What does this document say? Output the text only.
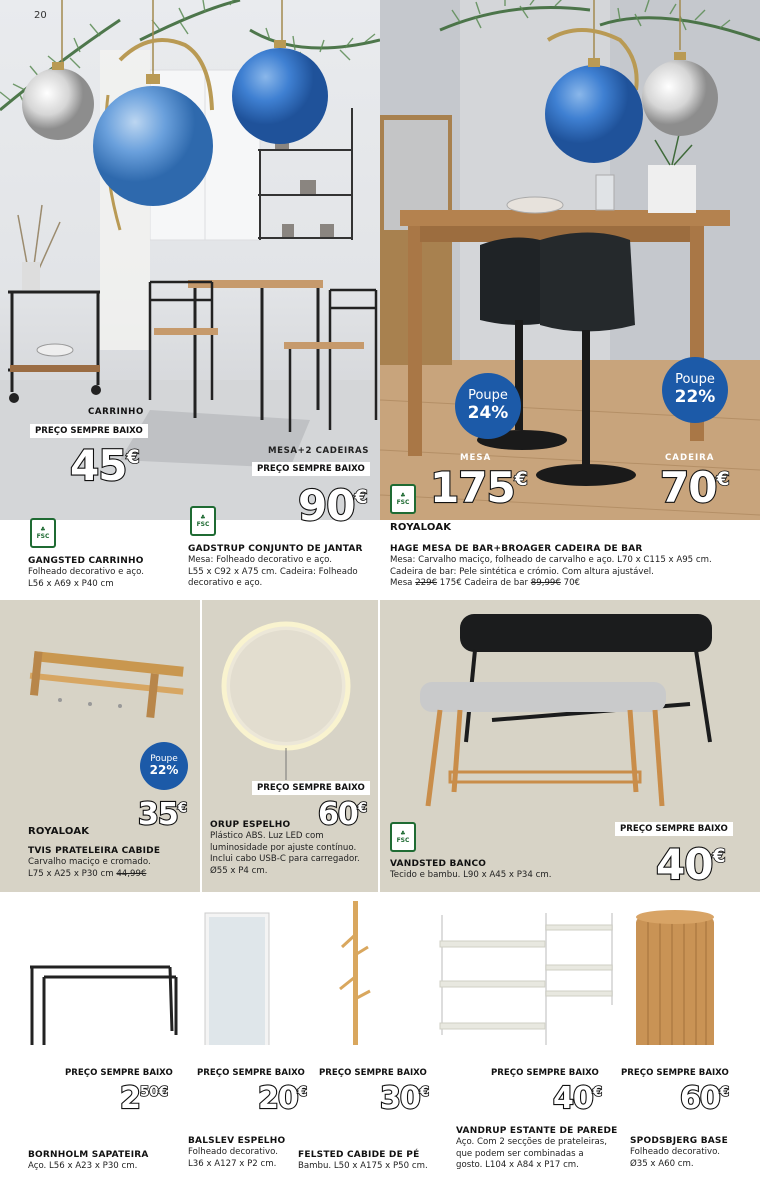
20
CARRINHO
PREÇO SEMPRE BAIXO
45€	MESA+2 CADEIRAS
PREÇO SEMPRE BAIXO
90€
♣
FSC
GANGSTED CARRINHO
Folheado decorativo e aço.
L56 x A69 x P40 cm
♣
FSC
GADSTRUP CONJUNTO DE JANTAR
Mesa: Folheado decorativo e aço.
L55 x C92 x A75 cm. Cadeira: Folheado
decorativo e aço.
Poupe
24%
Poupe
22%
MESA	CADEIRA
175€	70€
♣
FSC
ROYALOAK
HAGE MESA DE BAR+BROAGER CADEIRA DE BAR
Mesa: Carvalho maciço, folheado de carvalho e aço. L70 x C115 x A95 cm.
Cadeira de bar: Pele sintética e crómio. Com altura ajustável.
Mesa 229€ 175€ Cadeira de bar 89,99€ 70€
Poupe
22%
35€
ROYALOAK
TVIS PRATELEIRA CABIDE
Carvalho maciço e cromado.
L75 x A25 x P30 cm 44,99€
PREÇO SEMPRE BAIXO
60€
ORUP ESPELHO
Plástico ABS. Luz LED com
luminosidade por ajuste contínuo.
Inclui cabo USB-C para carregador.
Ø55 x P4 cm.
♣
FSC
PREÇO SEMPRE BAIXO
40€
VANDSTED BANCO
Tecido e bambu. L90 x A45 x P34 cm.
PREÇO SEMPRE BAIXO
$2^{50€}$
BORNHOLM SAPATEIRA
Aço. L56 x A23 x P30 cm.
PREÇO SEMPRE BAIXO
20€
BALSLEV ESPELHO
Folheado decorativo.
L36 x A127 x P2 cm.
PREÇO SEMPRE BAIXO
30€
FELSTED CABIDE DE PÉ
Bambu. L50 x A175 x P50 cm.
PREÇO SEMPRE BAIXO
40€
VANDRUP ESTANTE DE PAREDE
Aço. Com 2 secções de prateleiras,
que podem ser combinadas a
gosto. L104 x A84 x P17 cm.
PREÇO SEMPRE BAIXO
60€
SPODSBJERG BASE
Folheado decorativo.
Ø35 x A60 cm.
